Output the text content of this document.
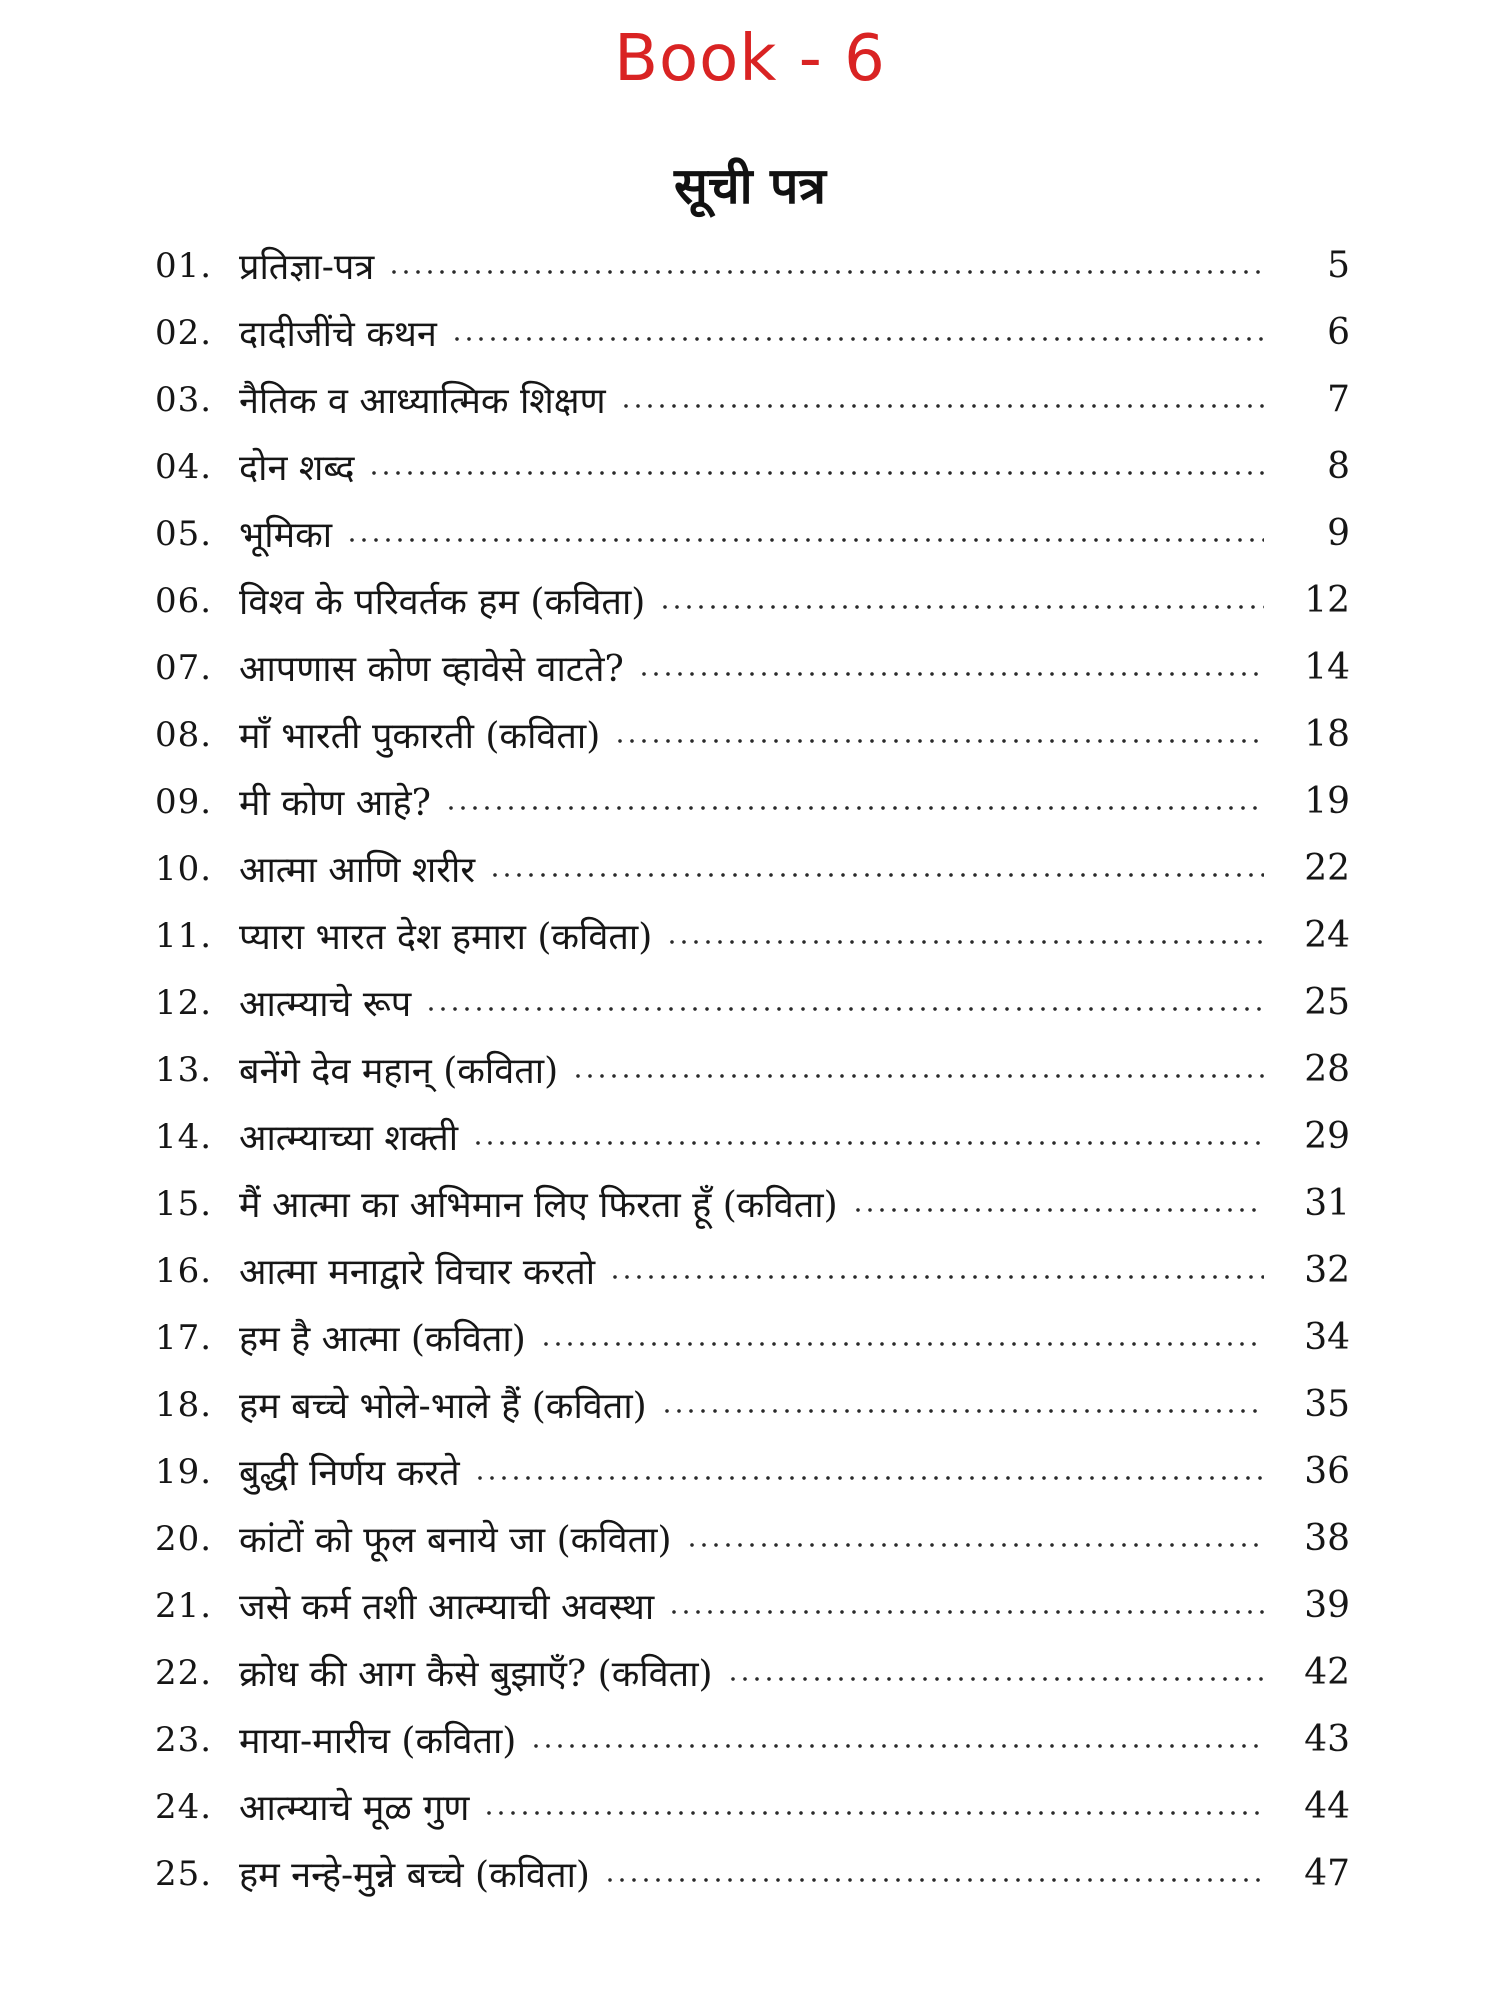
Book - 6
सूची पत्र
01. प्रतिज्ञा-पत्र	5
02. दादीजींचे कथन	6
03. नैतिक व आध्यात्मिक शिक्षण	7
04. दोन शब्द	8
05. भूमिका	9
06. विश्व के परिवर्तक हम (कविता)	12
07. आपणास कोण व्हावेसे वाटते?	14
08. माँ भारती पुकारती (कविता)	18
09. मी कोण आहे?	19
10. आत्मा आणि शरीर	22
11. प्यारा भारत देश हमारा (कविता)	24
12. आत्म्याचे रूप	25
13. बनेंगे देव महान् (कविता)	28
14. आत्म्याच्या शक्ती	29
15. मैं आत्मा का अभिमान लिए फिरता हूँ (कविता)	31
16. आत्मा मनाद्वारे विचार करतो	32
17. हम है आत्मा (कविता)	34
18. हम बच्चे भोले-भाले हैं (कविता)	35
19. बुद्धी निर्णय करते	36
20. कांटों को फूल बनाये जा (कविता)	38
21. जसे कर्म तशी आत्म्याची अवस्था	39
22. क्रोध की आग कैसे बुझाएँ? (कविता)	42
23. माया-मारीच (कविता)	43
24. आत्म्याचे मूळ गुण	44
25. हम नन्हे-मुन्ने बच्चे (कविता)	47
